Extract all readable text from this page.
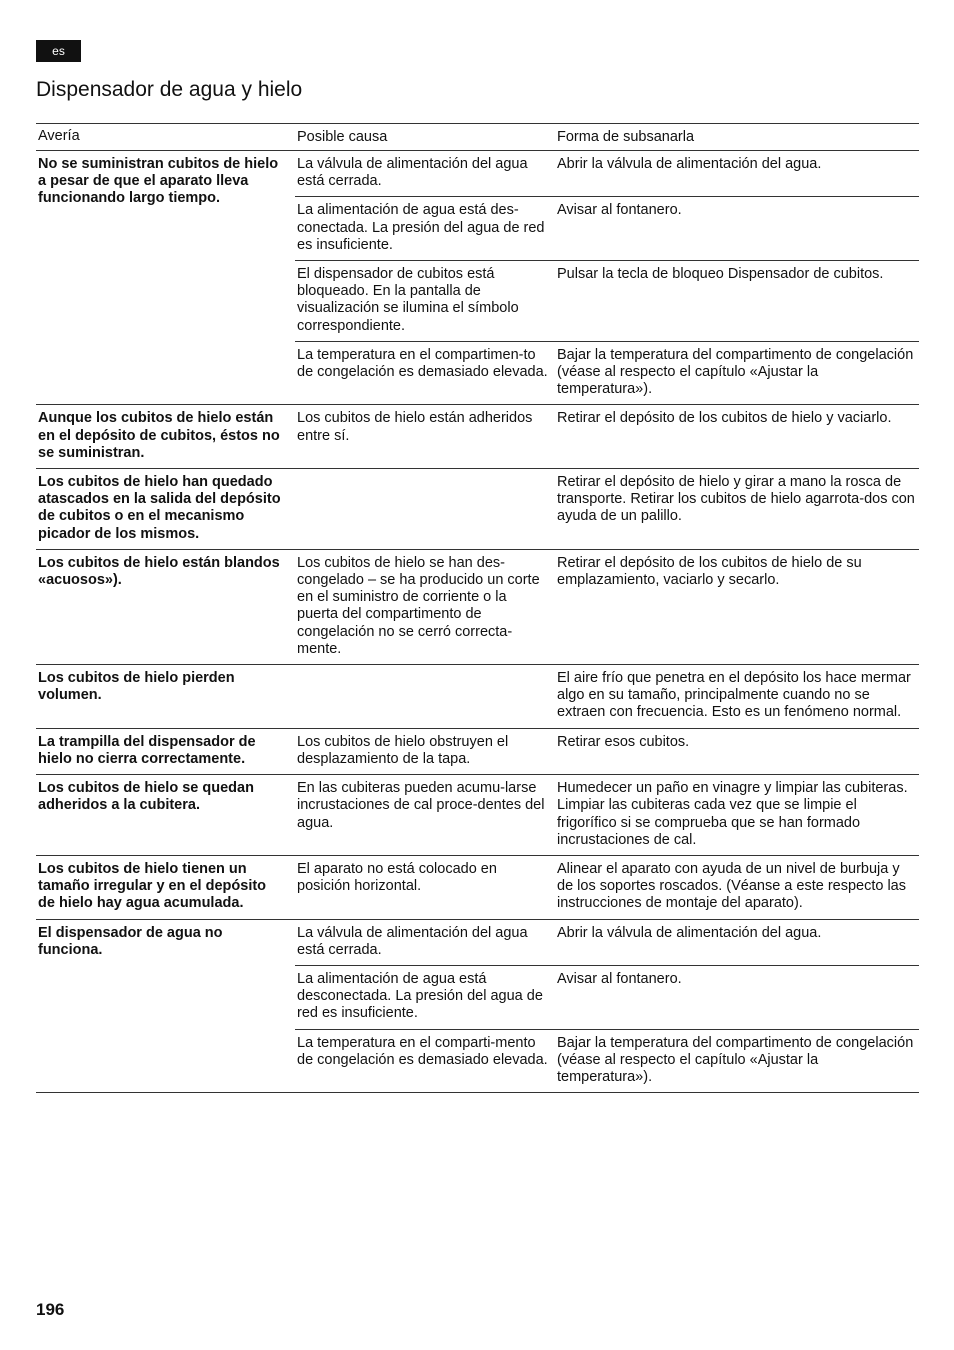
es
Dispensador de agua y hielo
Avería	Posible causa	Forma de subsanarla
No se suministran cubitos de hielo a pesar de que el aparato lleva funcionando largo tiempo.
La válvula de alimentación del agua está cerrada.
Abrir la válvula de alimentación del agua.
La alimentación de agua está des-conectada. La presión del agua de red es insuficiente.
Avisar al fontanero.
El dispensador de cubitos está bloqueado. En la pantalla de visualización se ilumina el símbolo correspondiente.
Pulsar la tecla de bloqueo Dispensador de cubitos.
La temperatura en el compartimen-to de congelación es demasiado elevada.
Bajar la temperatura del compartimento de congelación (véase al respecto el capítulo «Ajustar la temperatura»).
Aunque los cubitos de hielo están en el depósito de cubitos, éstos no se suministran.
Los cubitos de hielo están adheridos entre sí.
Retirar el depósito de los cubitos de hielo y vaciarlo.
Los cubitos de hielo han quedado atascados en la salida del depósito de cubitos o en el mecanismo picador de los mismos.
Retirar el depósito de hielo y girar a mano la rosca de transporte. Retirar los cubitos de hielo agarrota-dos con ayuda de un palillo.
Los cubitos de hielo están blandos «acuosos»).
Los cubitos de hielo se han des-congelado – se ha producido un corte en el suministro de corriente o la puerta del compartimento de congelación no se cerró correcta-mente.
Retirar el depósito de los cubitos de hielo de su emplazamiento, vaciarlo y secarlo.
Los cubitos de hielo pierden volumen.
El aire frío que penetra en el depósito los hace mermar algo en su tamaño, principalmente cuando no se extraen con frecuencia. Esto es un fenómeno normal.
La trampilla del dispensador de hielo no cierra correctamente.
Los cubitos de hielo obstruyen el desplazamiento de la tapa.
Retirar esos cubitos.
Los cubitos de hielo se quedan adheridos a la cubitera.
En las cubiteras pueden acumu-larse incrustaciones de cal proce-dentes del agua.
Humedecer un paño en vinagre y limpiar las cubiteras. Limpiar las cubiteras cada vez que se limpie el frigorífico si se comprueba que se han formado incrustaciones de cal.
Los cubitos de hielo tienen un tamaño irregular y en el depósito de hielo hay agua acumulada.
El aparato no está colocado en posición horizontal.
Alinear el aparato con ayuda de un nivel de burbuja y de los soportes roscados. (Véanse a este respecto las instrucciones de montaje del aparato).
El dispensador de agua no funciona.
La válvula de alimentación del agua está cerrada.
Abrir la válvula de alimentación del agua.
La alimentación de agua está desconectada. La presión del agua de red es insuficiente.
Avisar al fontanero.
La temperatura en el comparti-mento de congelación es demasiado elevada.
Bajar la temperatura del compartimento de congelación (véase al respecto el capítulo «Ajustar la temperatura»).
196
